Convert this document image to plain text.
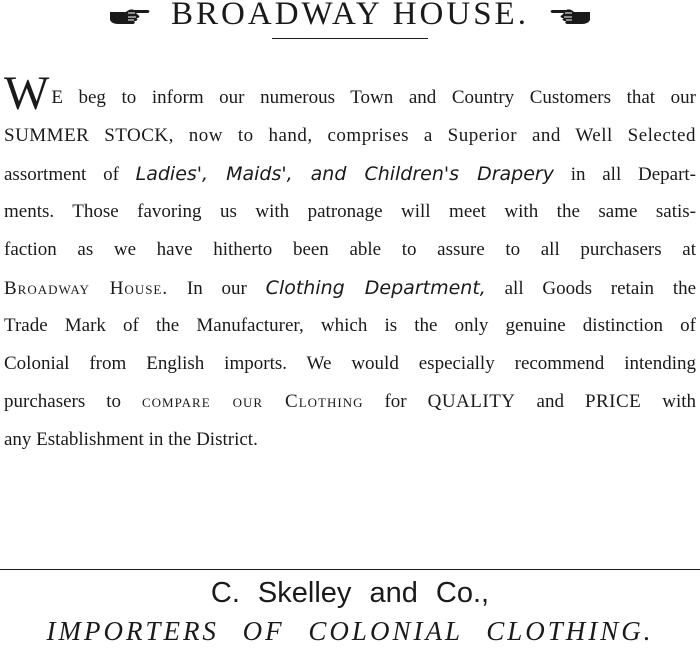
BROADWAY HOUSE.
W E beg to inform our numerous Town and Country Customers that our
SUMMER STOCK, now to hand, comprises a Superior and Well Selected
assortment of Ladies', Maids', and Children's Drapery in all Depart-
ments. Those favoring us with patronage will meet with the same satis-
faction as we have hitherto been able to assure to all purchasers at
Broadway House. In our Clothing Department, all Goods retain the
Trade Mark of the Manufacturer, which is the only genuine distinction of
Colonial from English imports. We would especially recommend intending
purchasers to compare our Clothing for QUALITY and PRICE with
any Establishment in the District.
C. Skelley and Co.,
IMPORTERS OF COLONIAL CLOTHING.
